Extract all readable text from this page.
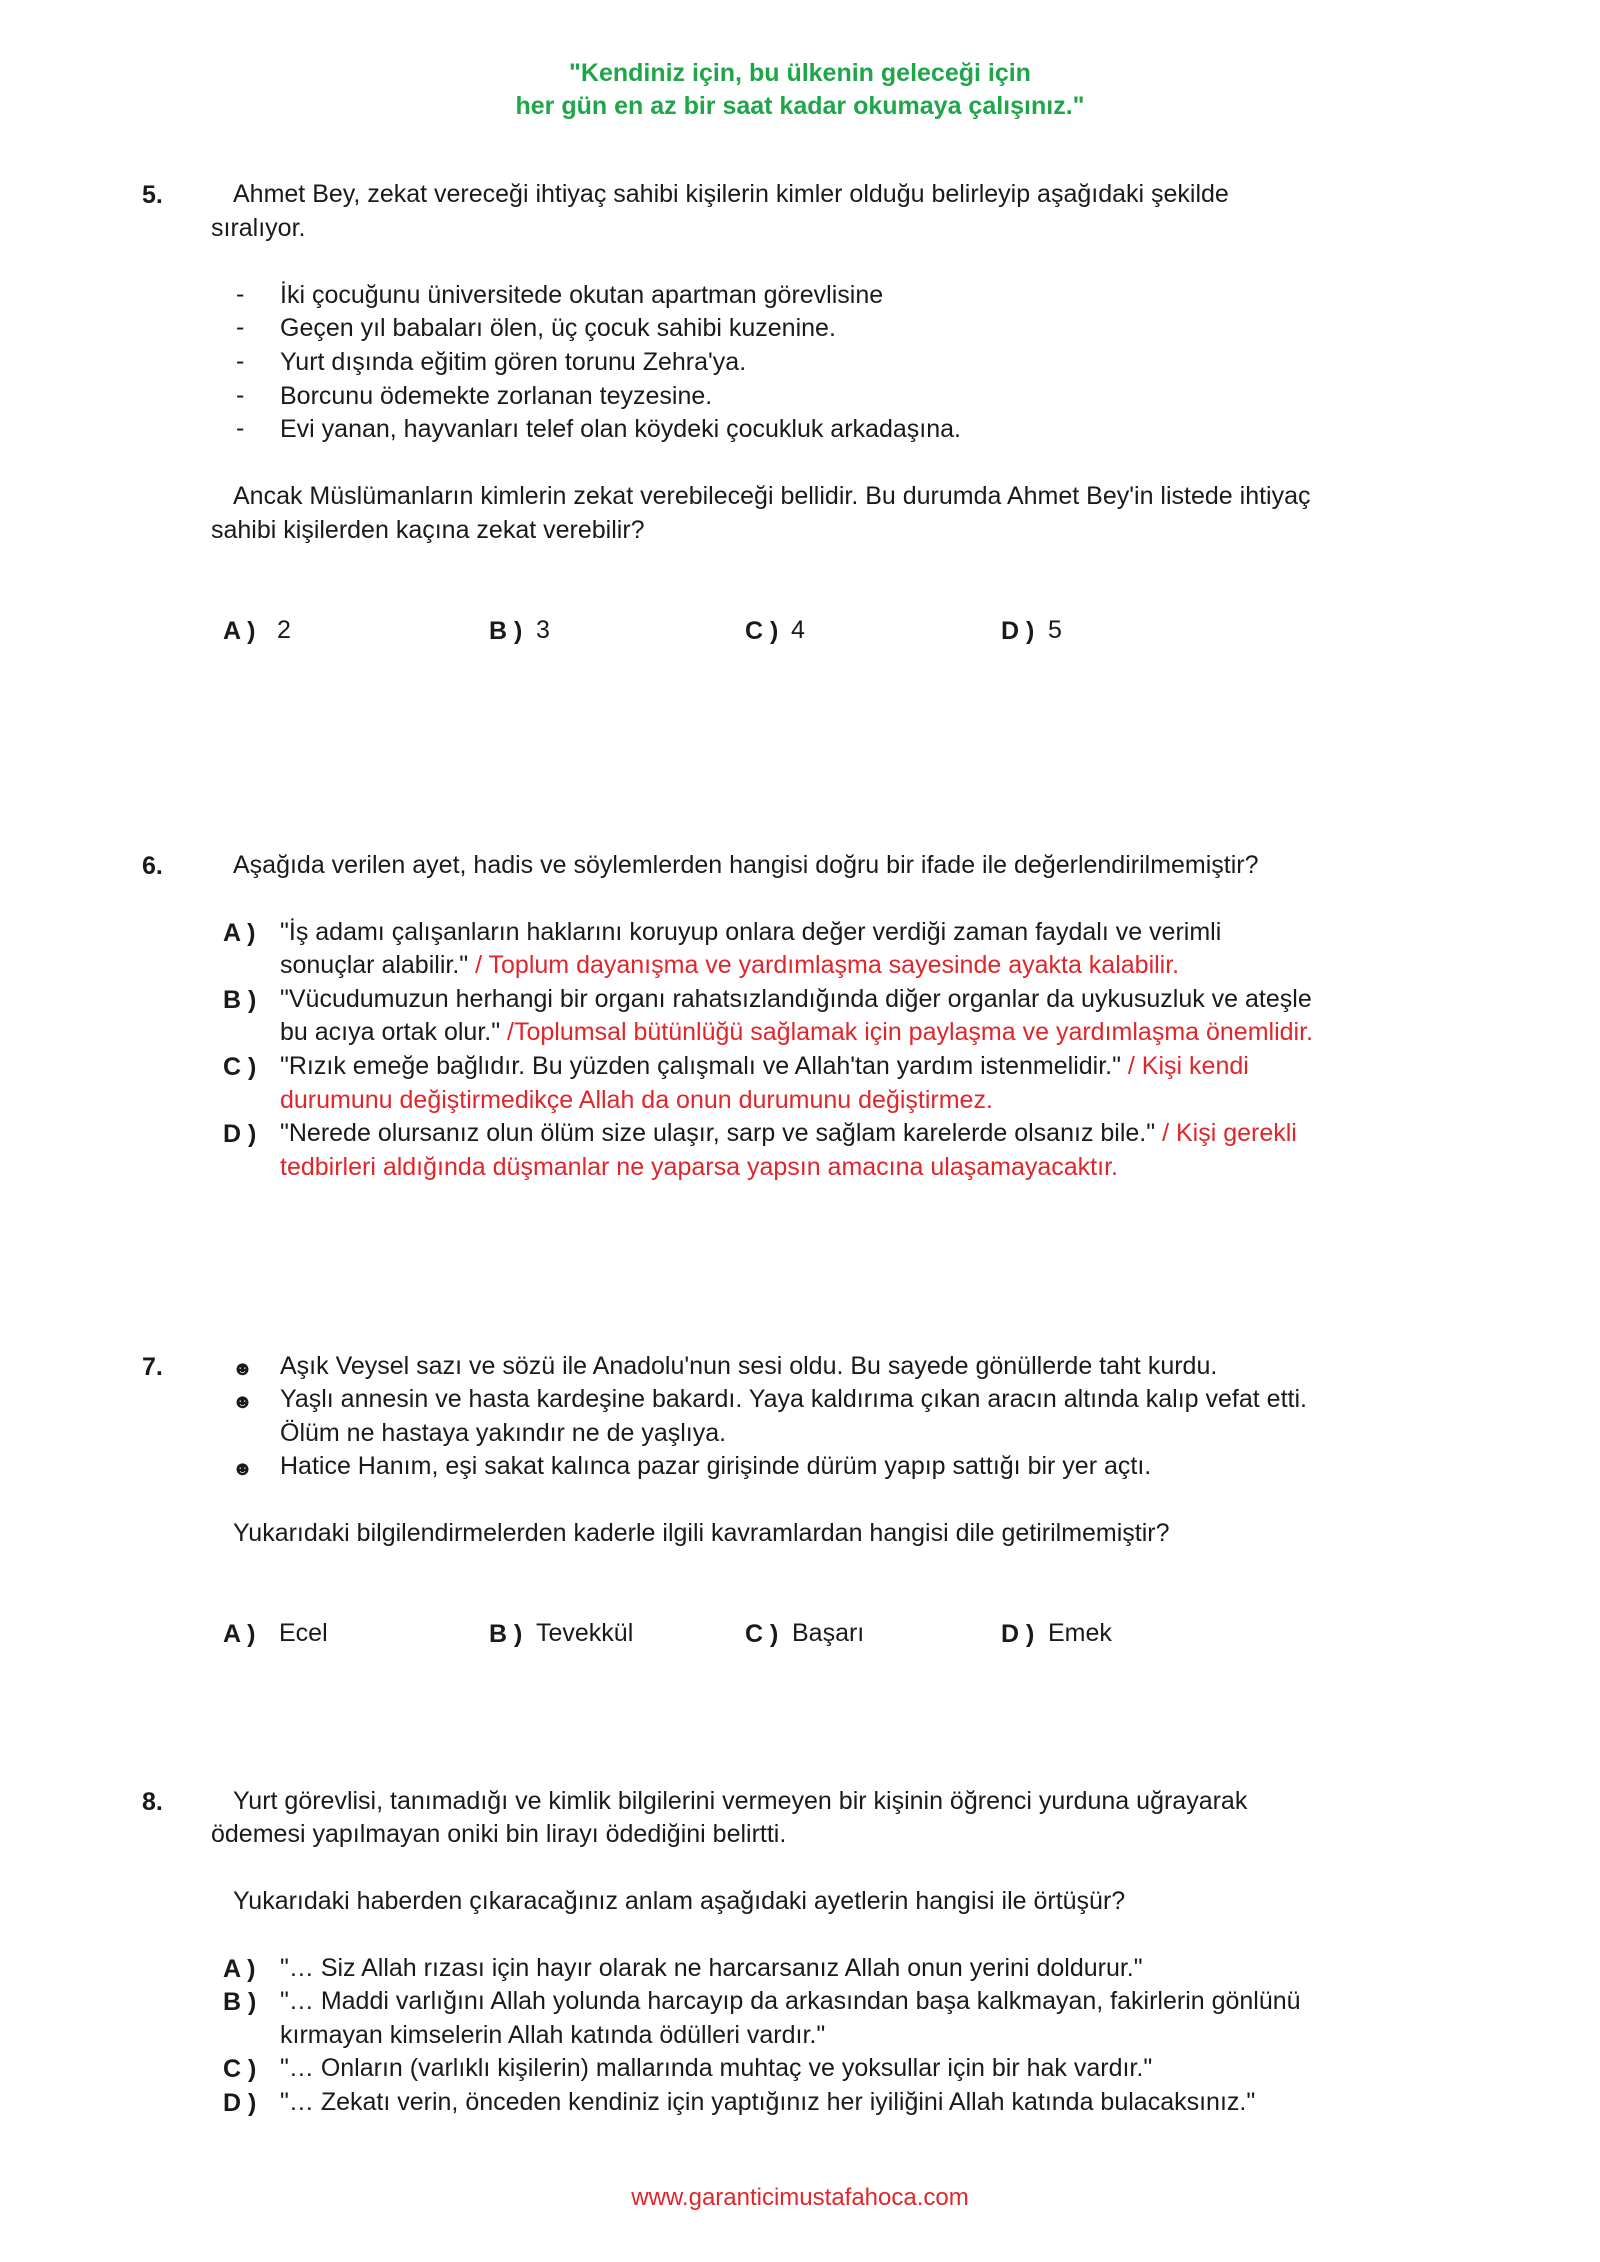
"Kendiniz için, bu ülkenin geleceği için
her gün en az bir saat kadar okumaya çalışınız."
5.	Ahmet Bey, zekat vereceği ihtiyaç sahibi kişilerin kimler olduğu belirleyip aşağıdaki şekilde
sıralıyor.
- İki çocuğunu üniversitede okutan apartman görevlisine
- Geçen yıl babaları ölen, üç çocuk sahibi kuzenine.
- Yurt dışında eğitim gören torunu Zehra'ya.
- Borcunu ödemekte zorlanan teyzesine.
- Evi yanan, hayvanları telef olan köydeki çocukluk arkadaşına.
Ancak Müslümanların kimlerin zekat verebileceği bellidir. Bu durumda Ahmet Bey'in listede ihtiyaç
sahibi kişilerden kaçına zekat verebilir?
A ) 2	B ) 3	C ) 4	D ) 5
6.	Aşağıda verilen ayet, hadis ve söylemlerden hangisi doğru bir ifade ile değerlendirilmemiştir?
A ) "İş adamı çalışanların haklarını koruyup onlara değer verdiği zaman faydalı ve verimli
sonuçlar alabilir." / Toplum dayanışma ve yardımlaşma sayesinde ayakta kalabilir.
B ) "Vücudumuzun herhangi bir organı rahatsızlandığında diğer organlar da uykusuzluk ve ateşle
bu acıya ortak olur." /Toplumsal bütünlüğü sağlamak için paylaşma ve yardımlaşma önemlidir.
C ) "Rızık emeğe bağlıdır. Bu yüzden çalışmalı ve Allah'tan yardım istenmelidir." / Kişi kendi
durumunu değiştirmedikçe Allah da onun durumunu değiştirmez.
D ) "Nerede olursanız olun ölüm size ulaşır, sarp ve sağlam karelerde olsanız bile." / Kişi gerekli
tedbirleri aldığında düşmanlar ne yaparsa yapsın amacına ulaşamayacaktır.
7.	☻ Aşık Veysel sazı ve sözü ile Anadolu'nun sesi oldu. Bu sayede gönüllerde taht kurdu.
☻ Yaşlı annesin ve hasta kardeşine bakardı. Yaya kaldırıma çıkan aracın altında kalıp vefat etti.
Ölüm ne hastaya yakındır ne de yaşlıya.
☻ Hatice Hanım, eşi sakat kalınca pazar girişinde dürüm yapıp sattığı bir yer açtı.
Yukarıdaki bilgilendirmelerden kaderle ilgili kavramlardan hangisi dile getirilmemiştir?
A ) Ecel	B ) Tevekkül	C ) Başarı	D ) Emek
8.	Yurt görevlisi, tanımadığı ve kimlik bilgilerini vermeyen bir kişinin öğrenci yurduna uğrayarak
ödemesi yapılmayan oniki bin lirayı ödediğini belirtti.
Yukarıdaki haberden çıkaracağınız anlam aşağıdaki ayetlerin hangisi ile örtüşür?
A ) "… Siz Allah rızası için hayır olarak ne harcarsanız Allah onun yerini doldurur."
B ) "… Maddi varlığını Allah yolunda harcayıp da arkasından başa kalkmayan, fakirlerin gönlünü
kırmayan kimselerin Allah katında ödülleri vardır."
C ) "… Onların (varlıklı kişilerin) mallarında muhtaç ve yoksullar için bir hak vardır."
D ) "… Zekatı verin, önceden kendiniz için yaptığınız her iyiliğini Allah katında bulacaksınız."
www.garanticimustafahoca.com
